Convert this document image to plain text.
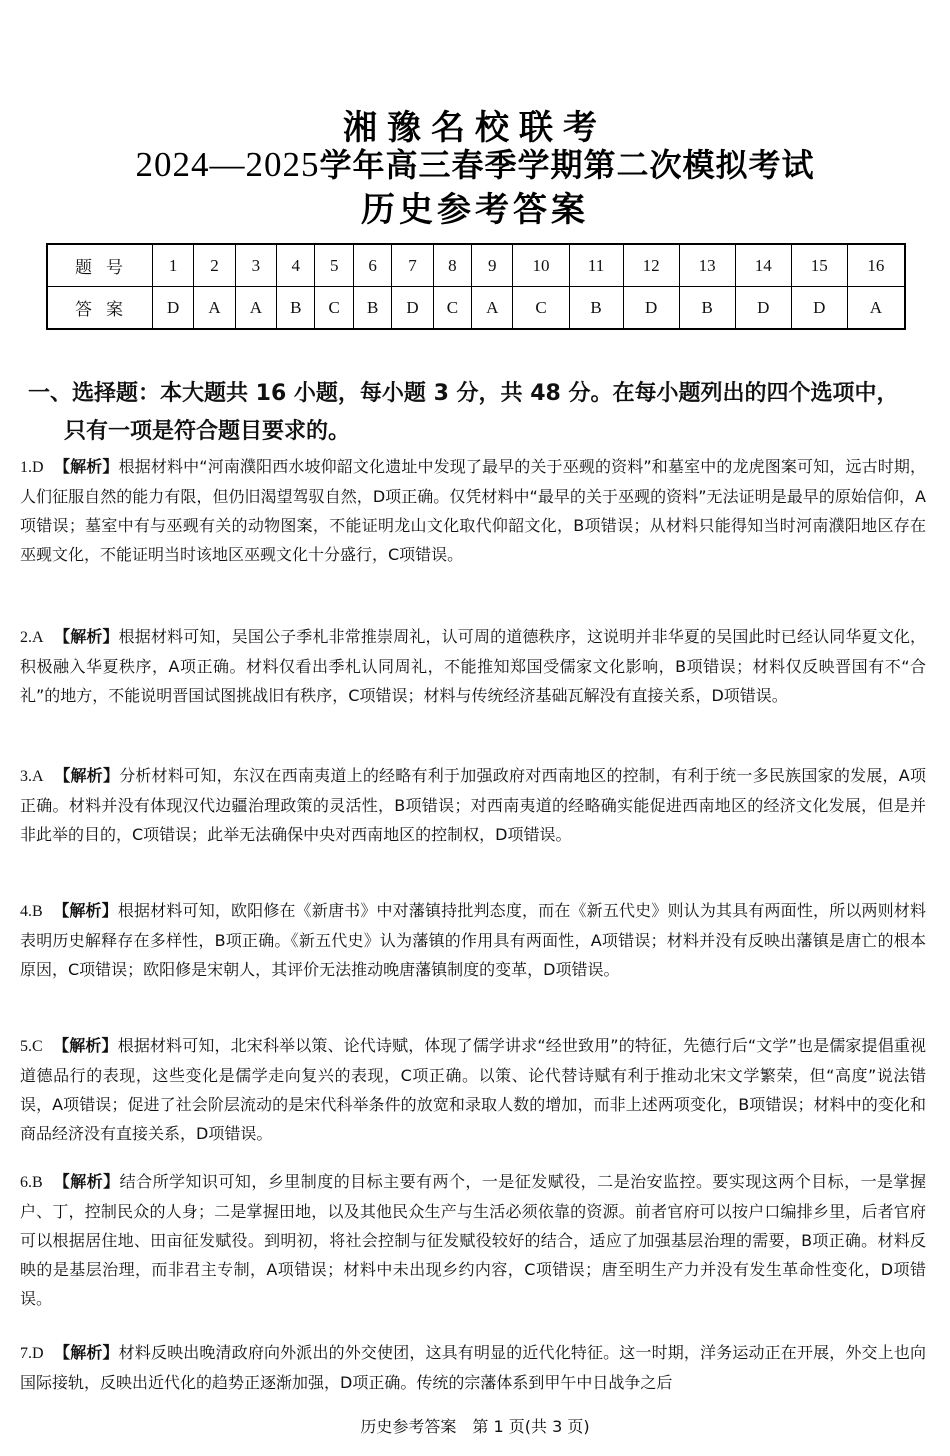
湘豫名校联考
2024—2025学年高三春季学期第二次模拟考试
历史参考答案
题号	1	2	3	4	5	6	7	8	9	10	11	12	13	14	15	16
答案	D	A	A	B	C	B	D	C	A	C	B	D	B	D	D	A
一、选择题：本大题共 16 小题，每小题 3 分，共 48 分。在每小题列出的四个选项中，
只有一项是符合题目要求的。
1.D 【解析】根据材料中“河南濮阳西水坡仰韶文化遗址中发现了最早的关于巫觋的资料”和墓室中的龙虎图案可知，远古时期，人们征服自然的能力有限，但仍旧渴望驾驭自然，D项正确。仅凭材料中“最早的关于巫觋的资料”无法证明是最早的原始信仰，A项错误；墓室中有与巫觋有关的动物图案，不能证明龙山文化取代仰韶文化，B项错误；从材料只能得知当时河南濮阳地区存在巫觋文化，不能证明当时该地区巫觋文化十分盛行，C项错误。
2.A 【解析】根据材料可知，吴国公子季札非常推崇周礼，认可周的道德秩序，这说明并非华夏的吴国此时已经认同华夏文化，积极融入华夏秩序，A项正确。材料仅看出季札认同周礼，不能推知郑国受儒家文化影响，B项错误；材料仅反映晋国有不“合礼”的地方，不能说明晋国试图挑战旧有秩序，C项错误；材料与传统经济基础瓦解没有直接关系，D项错误。
3.A 【解析】分析材料可知，东汉在西南夷道上的经略有利于加强政府对西南地区的控制，有利于统一多民族国家的发展，A项正确。材料并没有体现汉代边疆治理政策的灵活性，B项错误；对西南夷道的经略确实能促进西南地区的经济文化发展，但是并非此举的目的，C项错误；此举无法确保中央对西南地区的控制权，D项错误。
4.B 【解析】根据材料可知，欧阳修在《新唐书》中对藩镇持批判态度，而在《新五代史》则认为其具有两面性，所以两则材料表明历史解释存在多样性，B项正确。《新五代史》认为藩镇的作用具有两面性，A项错误；材料并没有反映出藩镇是唐亡的根本原因，C项错误；欧阳修是宋朝人，其评价无法推动晚唐藩镇制度的变革，D项错误。
5.C 【解析】根据材料可知，北宋科举以策、论代诗赋，体现了儒学讲求“经世致用”的特征，先德行后“文学”也是儒家提倡重视道德品行的表现，这些变化是儒学走向复兴的表现，C项正确。以策、论代替诗赋有利于推动北宋文学繁荣，但“高度”说法错误，A项错误；促进了社会阶层流动的是宋代科举条件的放宽和录取人数的增加，而非上述两项变化，B项错误；材料中的变化和商品经济没有直接关系，D项错误。
6.B 【解析】结合所学知识可知，乡里制度的目标主要有两个，一是征发赋役，二是治安监控。要实现这两个目标，一是掌握户、丁，控制民众的人身；二是掌握田地，以及其他民众生产与生活必须依靠的资源。前者官府可以按户口编排乡里，后者官府可以根据居住地、田亩征发赋役。到明初，将社会控制与征发赋役较好的结合，适应了加强基层治理的需要，B项正确。材料反映的是基层治理，而非君主专制，A项错误；材料中未出现乡约内容，C项错误；唐至明生产力并没有发生革命性变化，D项错误。
7.D 【解析】材料反映出晚清政府向外派出的外交使团，这具有明显的近代化特征。这一时期，洋务运动正在开展，外交上也向国际接轨，反映出近代化的趋势正逐渐加强，D项正确。传统的宗藩体系到甲午中日战争之后
历史参考答案　第 1 页(共 3 页)
